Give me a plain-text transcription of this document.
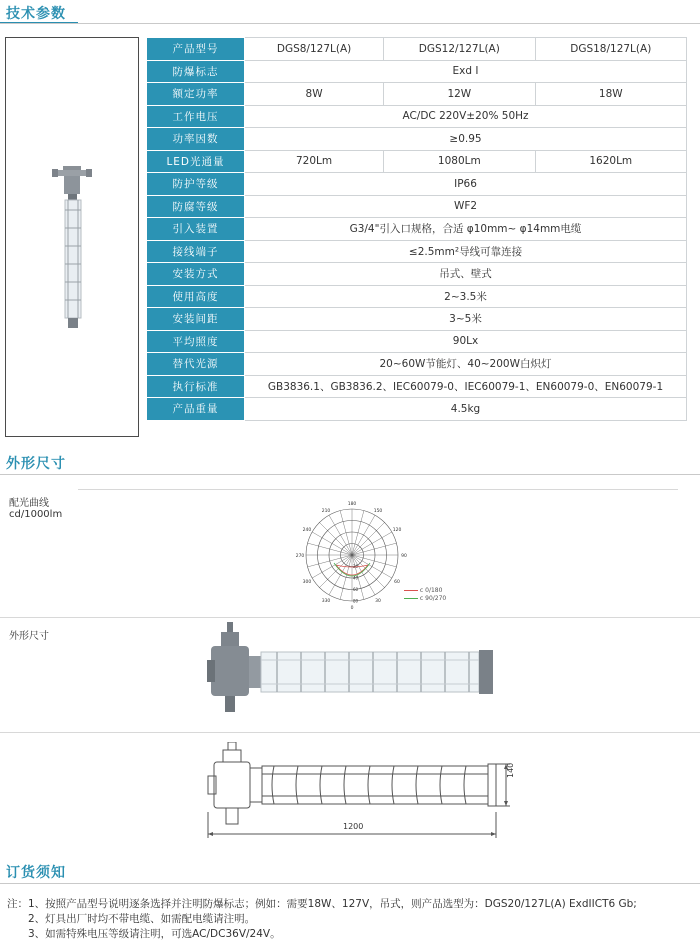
技术参数
产品型号	DGS8/127L(A)	DGS12/127L(A)	DGS18/127L(A)
防爆标志	Exd Ⅰ		
额定功率	8W	12W	18W
工作电压	AC/DC 220V±20% 50Hz		
功率因数	≥0.95		
LED光通量	720Lm	1080Lm	1620Lm
防护等级	IP66		
防腐等级	WF2		
引入装置	G3/4"引入口规格，合适 φ10mm~ φ14mm电缆		
接线端子	≤2.5mm²导线可靠连接		
安装方式	吊式、壁式		
使用高度	2~3.5米		
安装间距	3~5米		
平均照度	90Lx		
替代光源	20~60W节能灯、40~200W白炽灯		
执行标准	GB3836.1、GB3836.2、IEC60079-0、IEC60079-1、EN60079-0、EN60079-1		
产品重量	4.5kg		
外形尺寸
配光曲线
cd/1000lm
180
150
210
120
240
90
270
60
300
30
330
0
20
40
60
80
c 0/180
c 90/270
外形尺寸
1200
140
订货须知
注：1、按照产品型号说明逐条选择并注明防爆标志；例如：需要18W、127V，吊式，则产品选型为：DGS20/127L(A) ExdIICT6 Gb;
2、灯具出厂时均不带电缆、如需配电缆请注明。
3、如需特殊电压等级请注明，可选AC/DC36V/24V。
